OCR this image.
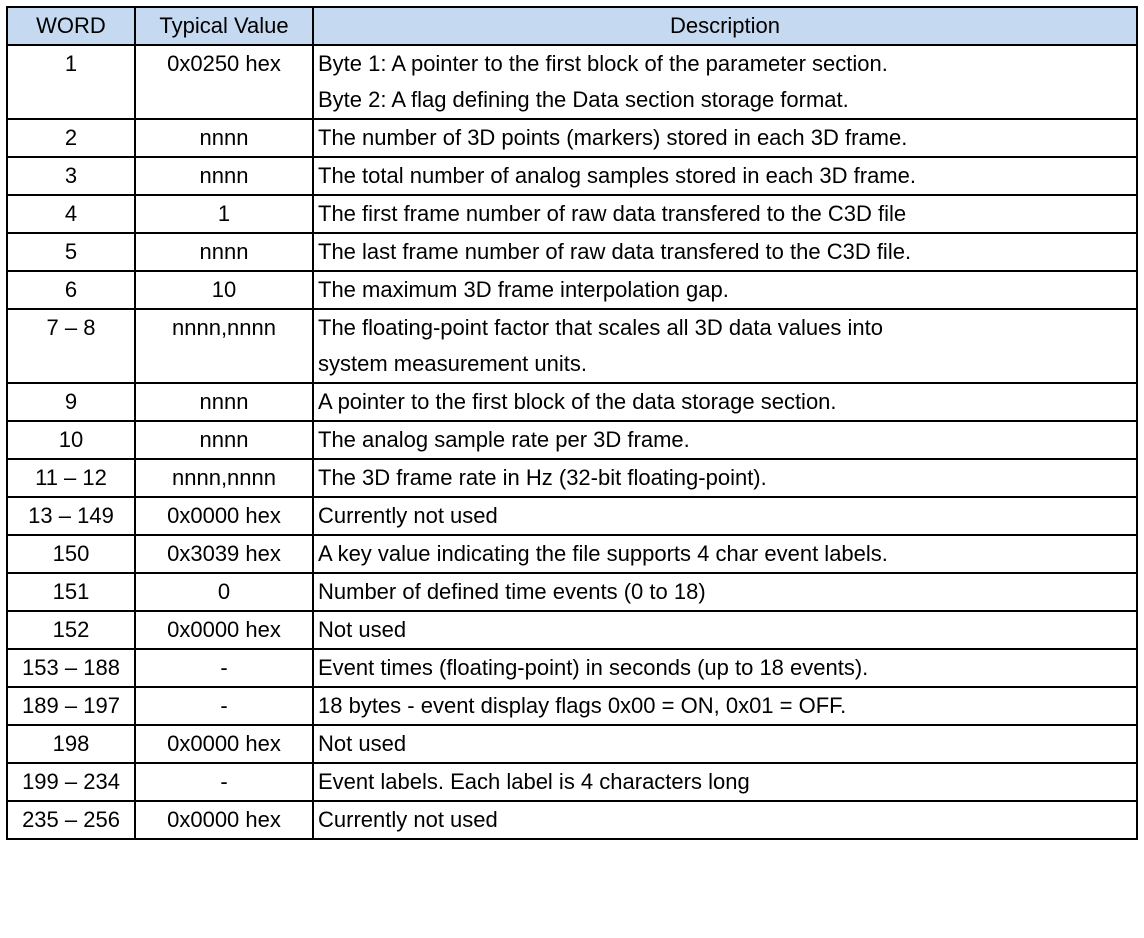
WORD	Typical Value	Description
1	0x0250 hex	Byte 1: A pointer to the first block of the parameter section.
Byte 2: A flag defining the Data section storage format.

2	nnnn	The number of 3D points (markers) stored in each 3D frame.

3	nnnn	The total number of analog samples stored in each 3D frame.

4	1	The first frame number of raw data transfered to the C3D file

5	nnnn	The last frame number of raw data transfered to the C3D file.

6	10	The maximum 3D frame interpolation gap.

7 – 8	nnnn,nnnn	The floating-point factor that scales all 3D data values into
system measurement units.

9	nnnn	A pointer to the first block of the data storage section.

10	nnnn	The analog sample rate per 3D frame.

11 – 12	nnnn,nnnn	The 3D frame rate in Hz (32-bit floating-point).

13 – 149	0x0000 hex	Currently not used

150	0x3039 hex	A key value indicating the file supports 4 char event labels.

151	0	Number of defined time events (0 to 18)

152	0x0000 hex	Not used

153 – 188	-	Event times (floating-point) in seconds (up to 18 events).

189 – 197	-	18 bytes - event display flags 0x00 = ON, 0x01 = OFF.

198	0x0000 hex	Not used

199 – 234	-	Event labels. Each label is 4 characters long

235 – 256	0x0000 hex	Currently not used
